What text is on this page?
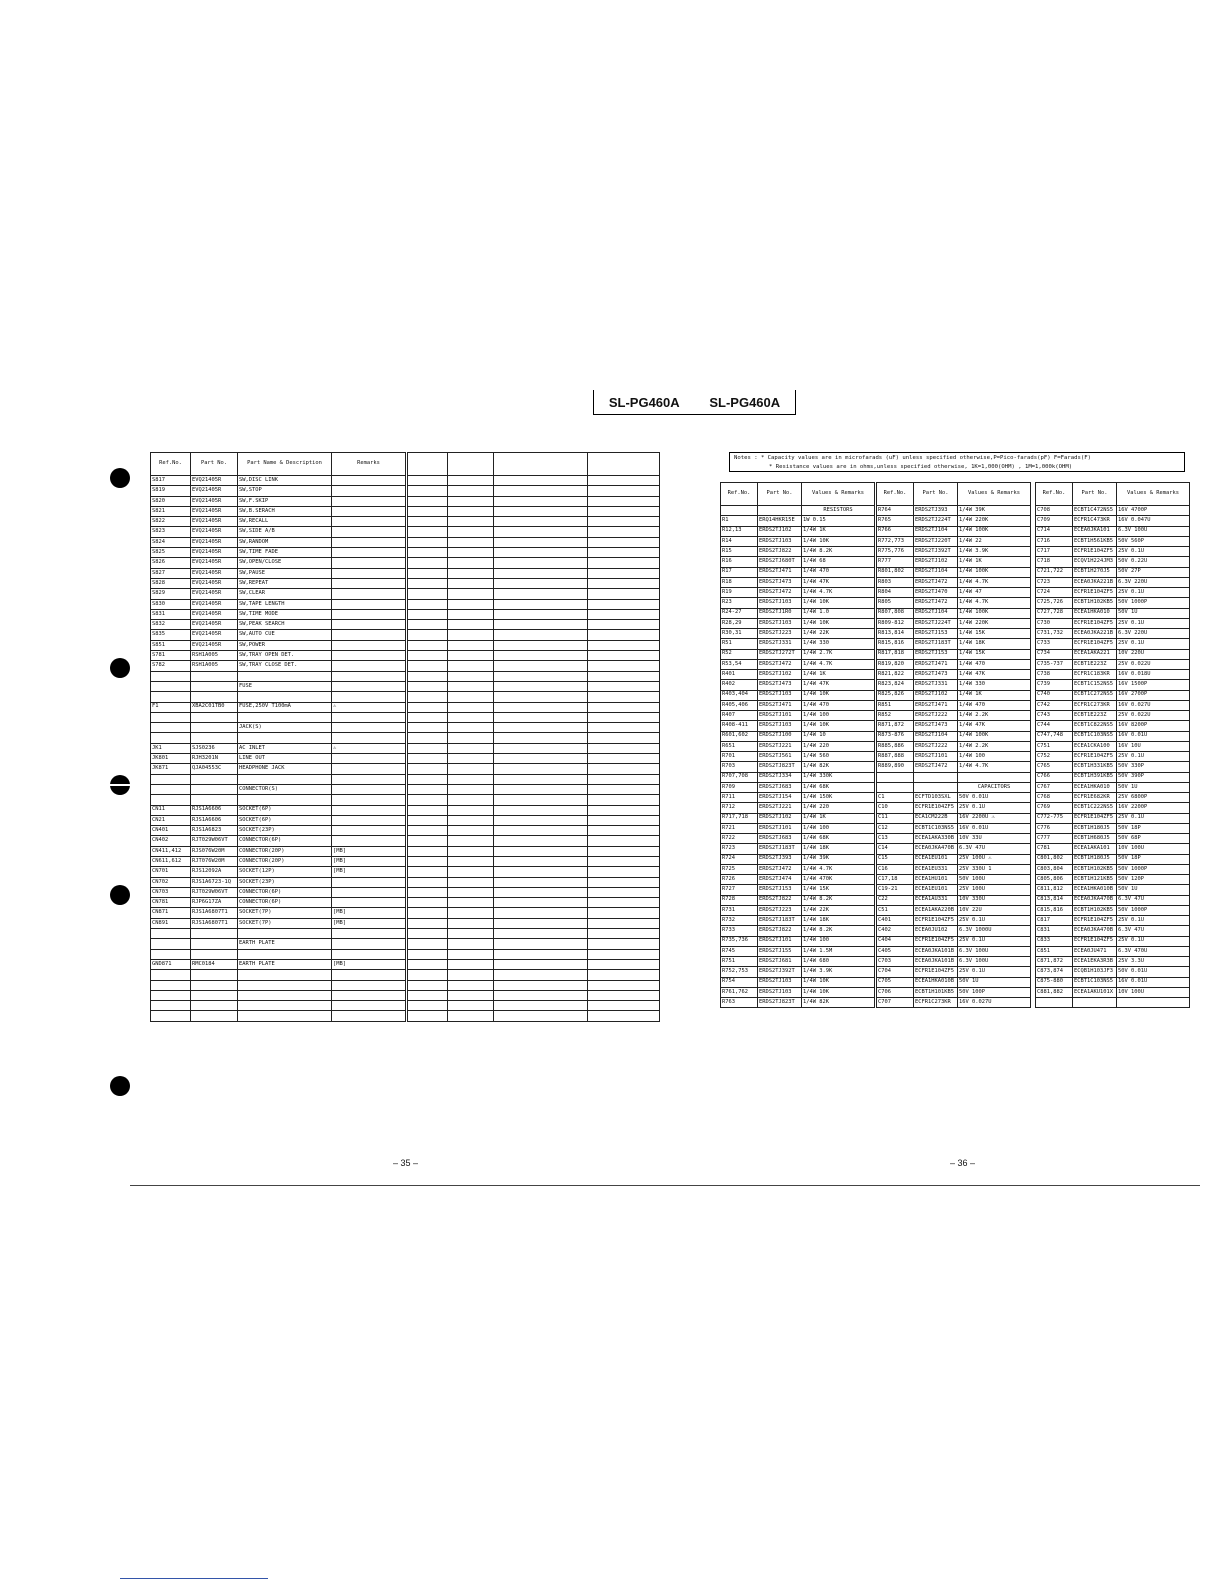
SL-PG460A SL-PG460A
Ref.No.	Part No.	Part Name & Description	Remarks
S817	EVQ21405R	SW,DISC LINK	
S819	EVQ21405R	SW,STOP	
S820	EVQ21405R	SW,F.SKIP	
S821	EVQ21405R	SW,B.SERACH	
S822	EVQ21405R	SW,RECALL	
S823	EVQ21405R	SW,SIDE A/B	
S824	EVQ21405R	SW,RANDOM	
S825	EVQ21405R	SW,TIME FADE	
S826	EVQ21405R	SW,OPEN/CLOSE	
S827	EVQ21405R	SW,PAUSE	
S828	EVQ21405R	SW,REPEAT	
S829	EVQ21405R	SW,CLEAR	
S830	EVQ21405R	SW,TAPE LENGTH	
S831	EVQ21405R	SW,TIME MODE	
S832	EVQ21405R	SW,PEAK SEARCH	
S835	EVQ21405R	SW,AUTO CUE	
S851	EVQ21405R	SW,POWER	
S781	RSH1A005	SW,TRAY OPEN DET.	
S782	RSH1A005	SW,TRAY CLOSE DET.	

		FUSE	

F1	XBA2C01TB0	FUSE,250V T100mA	⚠

		JACK(S)	

JK1	SJS0236	AC INLET	⚠
JK801	RJH3201N	LINE OUT	
JK871	QJA04553C	HEADPHONE JACK	

		CONNECTOR(S)	

CN11	RJS1A6606	SOCKET(6P)	
CN21	RJS1A6606	SOCKET(6P)	
CN401	RJS1A6823	SOCKET(23P)	
CN402	RJT029W06VT	CONNECTOR(6P)	
CN411,412	RJS076W20M	CONNECTOR(20P)	[MB]
CN611,612	RJT076W20M	CONNECTOR(20P)	[MB]
CN701	RJS12092A	SOCKET(12P)	[MB]
CN702	RJS1A6723-1Q	SOCKET(23P)	
CN703	RJT029W06VT	CONNECTOR(6P)	
CN781	RJP6G17ZA	CONNECTOR(6P)	
CN871	RJS1A6807T1	SOCKET(7P)	[MB]
CN891	RJS1A6807T1	SOCKET(7P)	[MB]

		EARTH PLATE	

GND871	RMC0184	EARTH PLATE	[MB]

Notes : * Capacity values are in microfarads (uF) unless specified otherwise,P=Pico-farads(pF) F=Farads(F)
* Resistance values are in ohms,unless specified otherwise, 1K=1,000(OHM) , 1M=1,000k(OHM)
Ref.No.	Part No.	Values & Remarks
		RESISTORS
R1	ERQ14HKR15E	1W 0.15
R12,13	ERDS2TJ102	1/4W 1K
R14	ERDS2TJ103	1/4W 10K
R15	ERDS2TJ822	1/4W 8.2K
R16	ERDS2TJ680T	1/4W 68
R17	ERDS2TJ471	1/4W 470
R18	ERDS2TJ473	1/4W 47K
R19	ERDS2TJ472	1/4W 4.7K
R23	ERDS2TJ103	1/4W 10K
R24-27	ERDS2TJ1R0	1/4W 1.0
R28,29	ERDS2TJ103	1/4W 10K
R30,31	ERDS2TJ223	1/4W 22K
R51	ERDS2TJ331	1/4W 330
R52	ERDS2TJ272T	1/4W 2.7K
R53,54	ERDS2TJ472	1/4W 4.7K
R401	ERDS2TJ102	1/4W 1K
R402	ERDS2TJ473	1/4W 47K
R403,404	ERDS2TJ103	1/4W 10K
R405,406	ERDS2TJ471	1/4W 470
R407	ERDS2TJ101	1/4W 100
R408-411	ERDS2TJ103	1/4W 10K
R601,602	ERDS2TJ100	1/4W 10
R651	ERDS2TJ221	1/4W 220
R701	ERDS2TJ561	1/4W 560
R703	ERDS2TJ823T	1/4W 82K
R707,708	ERDS2TJ334	1/4W 330K
R709	ERDS2TJ683	1/4W 68K
R711	ERDS2TJ154	1/4W 150K
R712	ERDS2TJ221	1/4W 220
R717,718	ERDS2TJ102	1/4W 1K
R721	ERDS2TJ101	1/4W 100
R722	ERDS2TJ683	1/4W 68K
R723	ERDS2TJ183T	1/4W 18K
R724	ERDS2TJ393	1/4W 39K
R725	ERDS2TJ472	1/4W 4.7K
R726	ERDS2TJ474	1/4W 470K
R727	ERDS2TJ153	1/4W 15K
R728	ERDS2TJ822	1/4W 8.2K
R731	ERDS2TJ223	1/4W 22K
R732	ERDS2TJ183T	1/4W 18K
R733	ERDS2TJ822	1/4W 8.2K
R735,736	ERDS2TJ101	1/4W 100
R745	ERDS2TJ155	1/4W 1.5M
R751	ERDS2TJ681	1/4W 680
R752,753	ERDS2TJ392T	1/4W 3.9K
R754	ERDS2TJ103	1/4W 10K
R761,762	ERDS2TJ103	1/4W 10K
R763	ERDS2TJ823T	1/4W 82K
Ref.No.	Part No.	Values & Remarks
R764	ERDS2TJ393	1/4W 39K
R765	ERDS2TJ224T	1/4W 220K
R766	ERDS2TJ104	1/4W 100K
R772,773	ERDS2TJ220T	1/4W 22
R775,776	ERDS2TJ392T	1/4W 3.9K
R777	ERDS2TJ102	1/4W 1K
R801,802	ERDS2TJ104	1/4W 100K
R803	ERDS2TJ472	1/4W 4.7K
R804	ERDS2TJ470	1/4W 47
R805	ERDS2TJ472	1/4W 4.7K
R807,808	ERDS2TJ104	1/4W 100K
R809-812	ERDS2TJ224T	1/4W 220K
R813,814	ERDS2TJ153	1/4W 15K
R815,816	ERDS2TJ183T	1/4W 18K
R817,818	ERDS2TJ153	1/4W 15K
R819,820	ERDS2TJ471	1/4W 470
R821,822	ERDS2TJ473	1/4W 47K
R823,824	ERDS2TJ331	1/4W 330
R825,826	ERDS2TJ102	1/4W 1K
R851	ERDS2TJ471	1/4W 470
R852	ERDS2TJ222	1/4W 2.2K
R871,872	ERDS2TJ473	1/4W 47K
R873-876	ERDS2TJ104	1/4W 100K
R885,886	ERDS2TJ222	1/4W 2.2K
R887,888	ERDS2TJ101	1/4W 100
R889,890	ERDS2TJ472	1/4W 4.7K

		CAPACITORS
C1	ECFTD103SXL	50V 0.01U
C10	ECFR1E104ZF5	25V 0.1U
C11	ECA1CM222B	16V 2200U ⚠
C12	ECBT1C103NS5	16V 0.01U
C13	ECEA1AKA330B	10V 33U
C14	ECEA0JKA470B	6.3V 47U
C15	ECEA1EU101	25V 100U ⚠
C16	ECEA1EU331	25V 330U 1
C17,18	ECEA1HU101	50V 100U
C19-21	ECEA1EU101	25V 100U
C22	ECEA1AU331	10V 330U
C51	ECEA1AKA220B	10V 22U
C401	ECFR1E104ZF5	25V 0.1U
C402	ECEA0JU102	6.3V 1000U
C404	ECFR1E104ZF5	25V 0.1U
C405	ECEA0JKA101B	6.3V 100U
C703	ECEA0JKA101B	6.3V 100U
C704	ECFR1E104ZF5	25V 0.1U
C705	ECEA1HKA010B	50V 1U
C706	ECBT1H101KB5	50V 100P
C707	ECFR1C273KR	16V 0.027U
Ref.No.	Part No.	Values & Remarks
C708	ECBT1C472NS5	16V 4700P
C709	ECFR1C473KR	16V 0.047U
C714	ECEA0JKA101	6.3V 100U
C716	ECBT1H561KB5	50V 560P
C717	ECFR1E104ZF5	25V 0.1U
C718	ECQV1H224JM3	50V 0.22U
C721,722	ECBT1H270J5	50V 27P
C723	ECEA0JKA221B	6.3V 220U
C724	ECFR1E104ZF5	25V 0.1U
C725,726	ECBT1H102KB5	50V 1000P
C727,728	ECEA1HKA010	50V 1U
C730	ECFR1E104ZF5	25V 0.1U
C731,732	ECEA0JKA221B	6.3V 220U
C733	ECFR1E104ZF5	25V 0.1U
C734	ECEA1AKA221	10V 220U
C735-737	ECBT1E223Z	25V 0.022U
C738	ECFR1C183KR	16V 0.018U
C739	ECBT1C152NS5	16V 1500P
C740	ECBT1C272NS5	16V 2700P
C742	ECFR1C273KR	16V 0.027U
C743	ECBT1E223Z	25V 0.022U
C744	ECBT1C822NS5	16V 8200P
C747,748	ECBT1C103NS5	16V 0.01U
C751	ECEA1CKA100	16V 10U
C752	ECFR1E104ZF5	25V 0.1U
C765	ECBT1H331KB5	50V 330P
C766	ECBT1H391KB5	50V 390P
C767	ECEA1HKA010	50V 1U
C768	ECFR1E682KR	25V 6800P
C769	ECBT1C222NS5	16V 2200P
C772-775	ECFR1E104ZF5	25V 0.1U
C776	ECBT1H180J5	50V 18P
C777	ECBT1H680J5	50V 68P
C781	ECEA1AKA101	10V 100U
C801,802	ECBT1H180J5	50V 18P
C803,804	ECBT1H102KB5	50V 1000P
C805,806	ECBT1H121KB5	50V 120P
C811,812	ECEA1HKA010B	50V 1U
C813,814	ECEA0JKA470B	6.3V 47U
C815,816	ECBT1H102KB5	50V 1000P
C817	ECFR1E104ZF5	25V 0.1U
C831	ECEA0JKA470B	6.3V 47U
C833	ECFR1E104ZF5	25V 0.1U
C851	ECEA0JU471	6.3V 470U
C871,872	ECEA1EKA3R3B	25V 3.3U
C873,874	ECQB1H103JF3	50V 0.01U
C875-880	ECBT1C103NS5	16V 0.01U
C881,882	ECEA1AKU101X	10V 100U

– 35 –	– 36 –
